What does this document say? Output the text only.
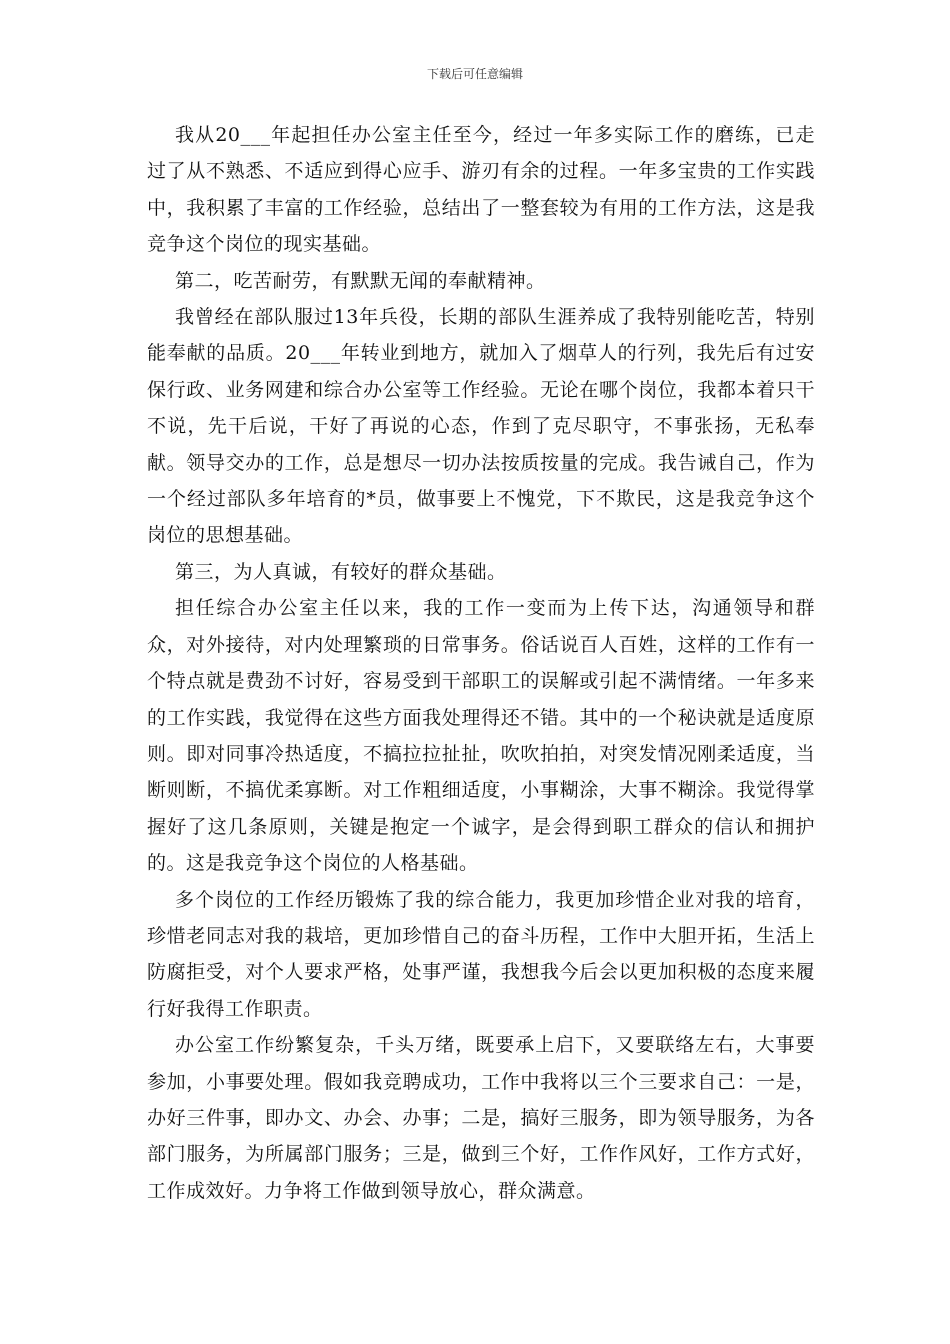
下载后可任意编辑

我从20___年起担任办公室主任至今，经过一年多实际工作的磨练，已走过了从不熟悉、不适应到得心应手、游刃有余的过程。一年多宝贵的工作实践中，我积累了丰富的工作经验，总结出了一整套较为有用的工作方法，这是我竞争这个岗位的现实基础。

第二，吃苦耐劳，有默默无闻的奉献精神。

我曾经在部队服过13年兵役，长期的部队生涯养成了我特别能吃苦，特别能奉献的品质。20___年转业到地方，就加入了烟草人的行列，我先后有过安保行政、业务网建和综合办公室等工作经验。无论在哪个岗位，我都本着只干不说，先干后说，干好了再说的心态，作到了克尽职守，不事张扬，无私奉献。领导交办的工作，总是想尽一切办法按质按量的完成。我告诫自己，作为一个经过部队多年培育的*员，做事要上不愧党，下不欺民，这是我竞争这个岗位的思想基础。

第三，为人真诚，有较好的群众基础。

担任综合办公室主任以来，我的工作一变而为上传下达，沟通领导和群众，对外接待，对内处理繁琐的日常事务。俗话说百人百姓，这样的工作有一个特点就是费劲不讨好，容易受到干部职工的误解或引起不满情绪。一年多来的工作实践，我觉得在这些方面我处理得还不错。其中的一个秘诀就是适度原则。即对同事冷热适度，不搞拉拉扯扯，吹吹拍拍，对突发情况刚柔适度，当断则断，不搞优柔寡断。对工作粗细适度，小事糊涂，大事不糊涂。我觉得掌握好了这几条原则，关键是抱定一个诚字，是会得到职工群众的信认和拥护的。这是我竞争这个岗位的人格基础。

多个岗位的工作经历锻炼了我的综合能力，我更加珍惜企业对我的培育，珍惜老同志对我的栽培，更加珍惜自己的奋斗历程，工作中大胆开拓，生活上防腐拒受，对个人要求严格，处事严谨，我想我今后会以更加积极的态度来履行好我得工作职责。

办公室工作纷繁复杂，千头万绪，既要承上启下，又要联络左右，大事要参加，小事要处理。假如我竞聘成功，工作中我将以三个三要求自己：一是，办好三件事，即办文、办会、办事；二是，搞好三服务，即为领导服务，为各部门服务，为所属部门服务；三是，做到三个好，工作作风好，工作方式好，工作成效好。力争将工作做到领导放心，群众满意。
